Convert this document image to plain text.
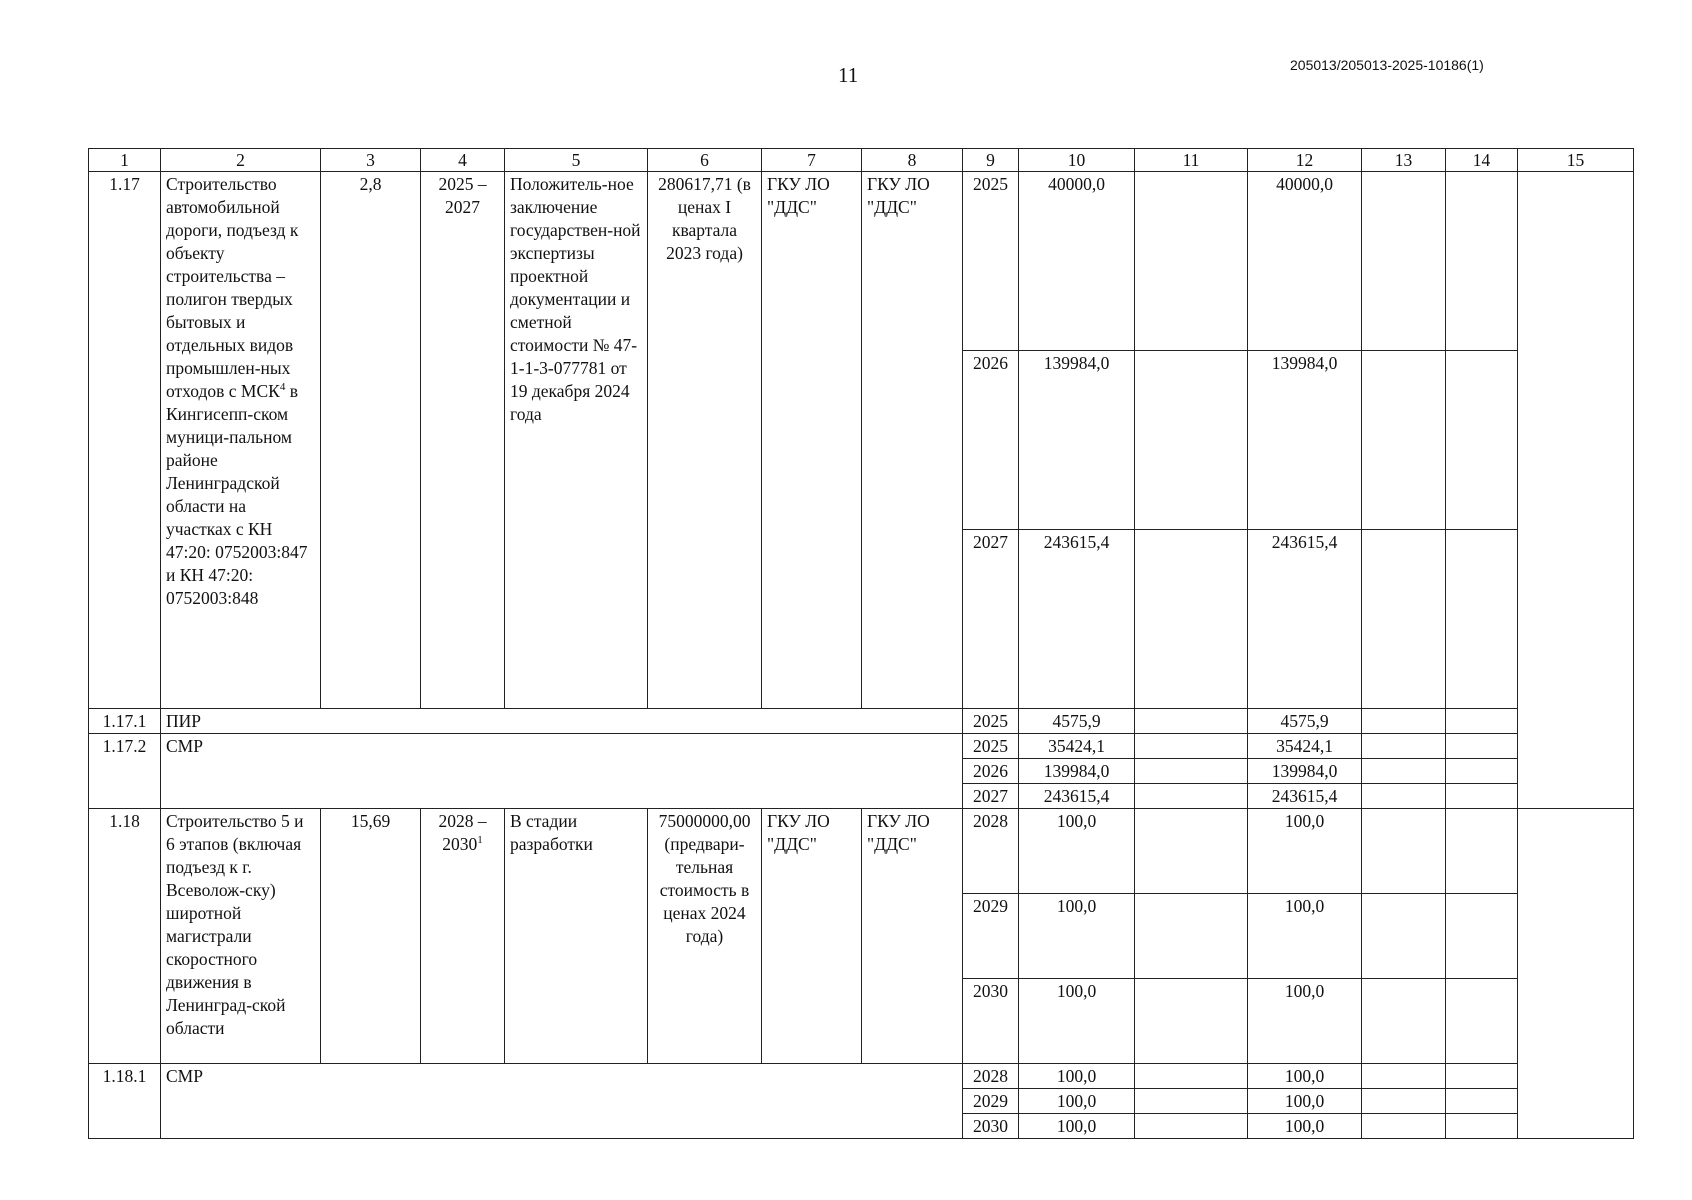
11	205013/205013-2025-10186(1)
1	2	3	4	5	6	7	8	9	10	11	12	13	14	15
1.17	Строительство автомобильной дороги, подъезд к объекту строительства – полигон твердых бытовых и отдельных видов промышлен-ных отходов с МСК$^4$ в Кингисепп-ском муници-пальном районе Ленинградской области на участках с КН 47:20: 0752003:847 и КН 47:20: 0752003:848	2,8	2025 – 2027	Положитель-ное заключение государствен-ной экспертизы проектной документации и сметной стоимости № 47-1-1-3-077781 от 19 декабря 2024 года	280617,71 (в ценах I квартала 2023 года)	ГКУ ЛО "ДДС"	ГКУ ЛО "ДДС"	2025	40000,0		40000,0			
								2026	139984,0		139984,0			
								2027	243615,4		243615,4			
1.17.1	ПИР							2025	4575,9		4575,9			
1.17.2	СМР							2025	35424,1		35424,1			
								2026	139984,0		139984,0			
								2027	243615,4		243615,4			
1.18	Строительство 5 и 6 этапов (включая подъезд к г. Всеволож-ску) широтной магистрали скоростного движения в Ленинград-ской области	15,69	2028 – 2030$^1$	В стадии разработки	75000000,00 (предвари-тельная стоимость в ценах 2024 года)	ГКУ ЛО "ДДС"	ГКУ ЛО "ДДС"	2028	100,0		100,0			
								2029	100,0		100,0			
								2030	100,0		100,0			
1.18.1	СМР							2028	100,0		100,0			
								2029	100,0		100,0			
								2030	100,0		100,0			
